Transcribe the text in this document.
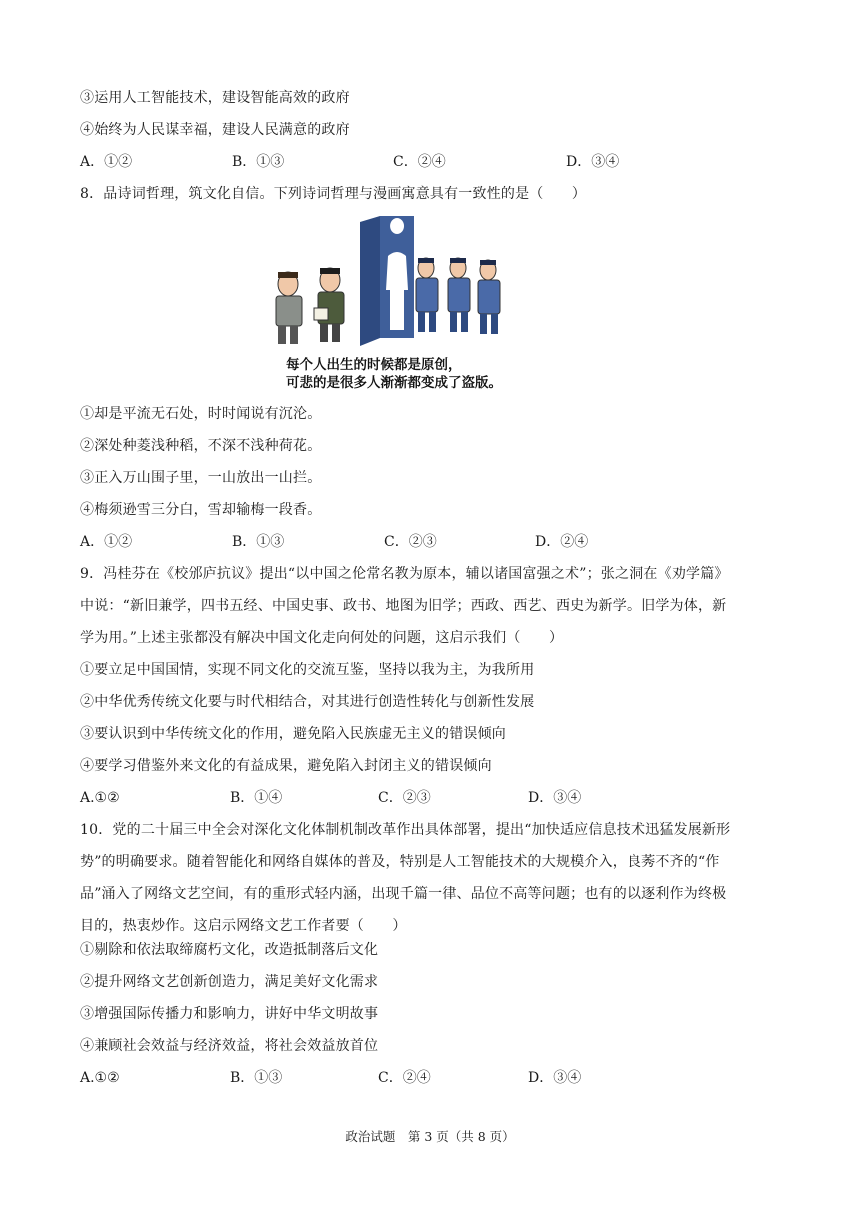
③运用人工智能技术，建设智能高效的政府
④始终为人民谋幸福，建设人民满意的政府
A．①②	B．①③	C．②④	D．③④
8．品诗词哲理，筑文化自信。下列诗词哲理与漫画寓意具有一致性的是（　　）
每个人出生的时候都是原创，
可悲的是很多人渐渐都变成了盗版。
①却是平流无石处，时时闻说有沉沦。
②深处种菱浅种稻，不深不浅种荷花。
③正入万山围子里，一山放出一山拦。
④梅须逊雪三分白，雪却输梅一段香。
A．①②	B．①③	C．②③	D．②④
9．冯桂芬在《校邠庐抗议》提出“以中国之伦常名教为原本，辅以诸国富强之术”；张之洞在《劝学篇》
中说：“新旧兼学，四书五经、中国史事、政书、地图为旧学；西政、西艺、西史为新学。旧学为体，新
学为用。”上述主张都没有解决中国文化走向何处的问题，这启示我们（　　）
①要立足中国国情，实现不同文化的交流互鉴，坚持以我为主，为我所用
②中华优秀传统文化要与时代相结合，对其进行创造性转化与创新性发展
③要认识到中华传统文化的作用，避免陷入民族虚无主义的错误倾向
④要学习借鉴外来文化的有益成果，避免陷入封闭主义的错误倾向
A.①②	B．①④	C．②③	D．③④
10．党的二十届三中全会对深化文化体制机制改革作出具体部署，提出“加快适应信息技术迅猛发展新形
势”的明确要求。随着智能化和网络自媒体的普及，特别是人工智能技术的大规模介入，良莠不齐的“作
品”涌入了网络文艺空间，有的重形式轻内涵，出现千篇一律、品位不高等问题；也有的以逐利作为终极
目的，热衷炒作。这启示网络文艺工作者要（　　）
①剔除和依法取缔腐朽文化，改造抵制落后文化
②提升网络文艺创新创造力，满足美好文化需求
③增强国际传播力和影响力，讲好中华文明故事
④兼顾社会效益与经济效益，将社会效益放首位
A.①②	B．①③	C．②④	D．③④
政治试题　第 3 页（共 8 页）
